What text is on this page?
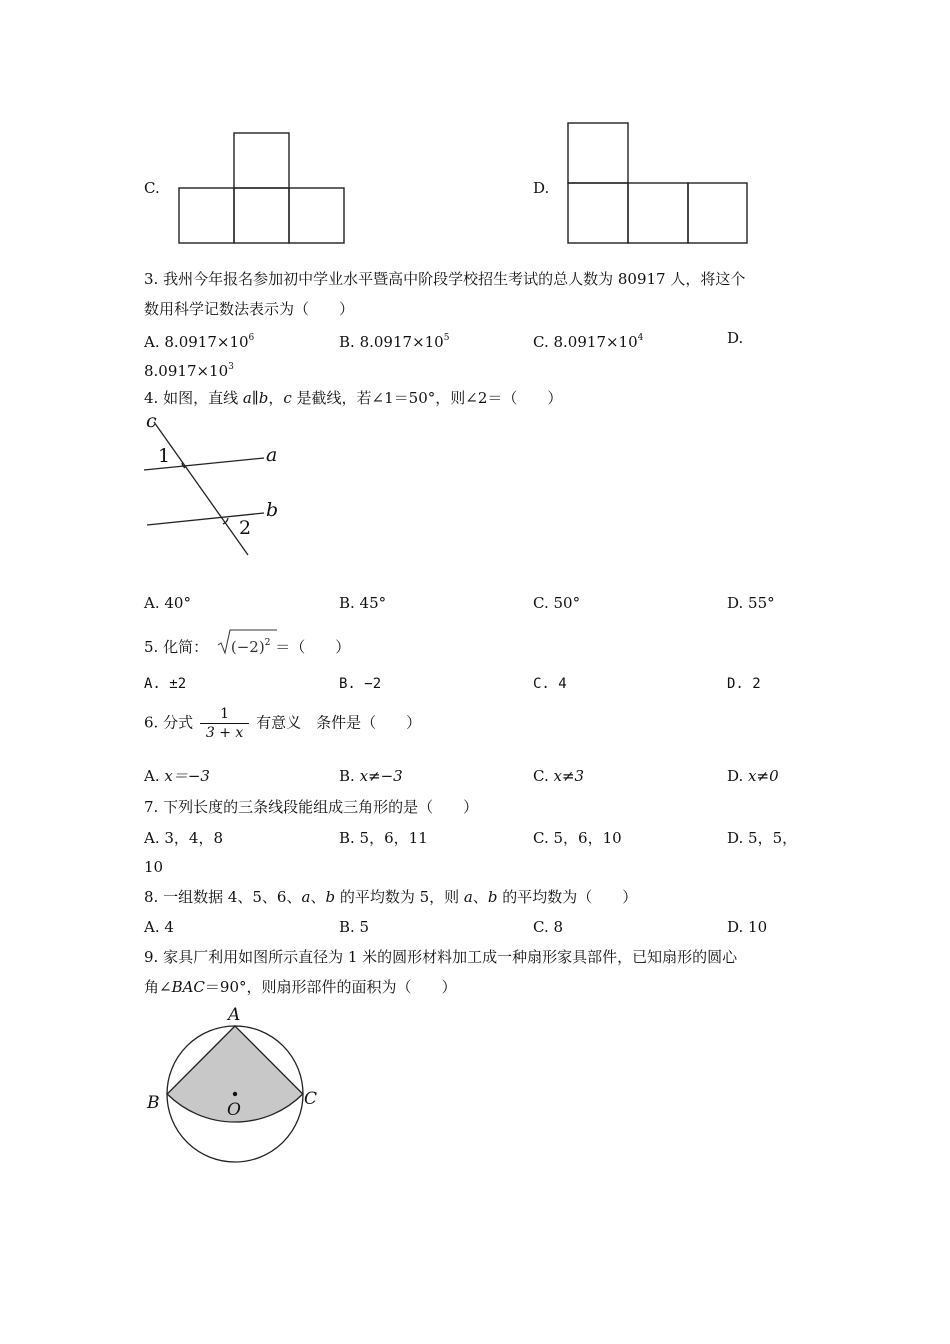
C.	D.
3. 我州今年报名参加初中学业水平暨高中阶段学校招生考试的总人数为 80917 人，将这个
数用科学记数法表示为（　　）
A. $8.0917\times 10^6$	B. $8.0917\times 10^5$	C. $8.0917\times 10^4$	D.
$8.0917\times 10^3$
4. 如图，直线 a∥b，c 是截线，若∠1＝50°，则∠2＝（　　）
c
1	a
b
2
A. 40°	B. 45°	C. 50°	D. 55°
5. 化简： $(-2)^2$ ＝（　　）
A. ±2	B. −2	C. 4	D. 2
6. 分式 $\frac{1}{3 + x}$ 有意义　条件是（　　）
A. x＝−3	B. x≠−3	C. x≠3	D. x≠0
7. 下列长度的三条线段能组成三角形的是（　　）
A. 3，4，8	B. 5，6，11	C. 5，6，10	D. 5，5，
10
8. 一组数据 4、5、6、a、b 的平均数为 5，则 a、b 的平均数为（　　）
A. 4	B. 5	C. 8	D. 10
9. 家具厂利用如图所示直径为 1 米的圆形材料加工成一种扇形家具部件，已知扇形的圆心
角∠BAC＝90°，则扇形部件的面积为（　　）
A
B	C
O
